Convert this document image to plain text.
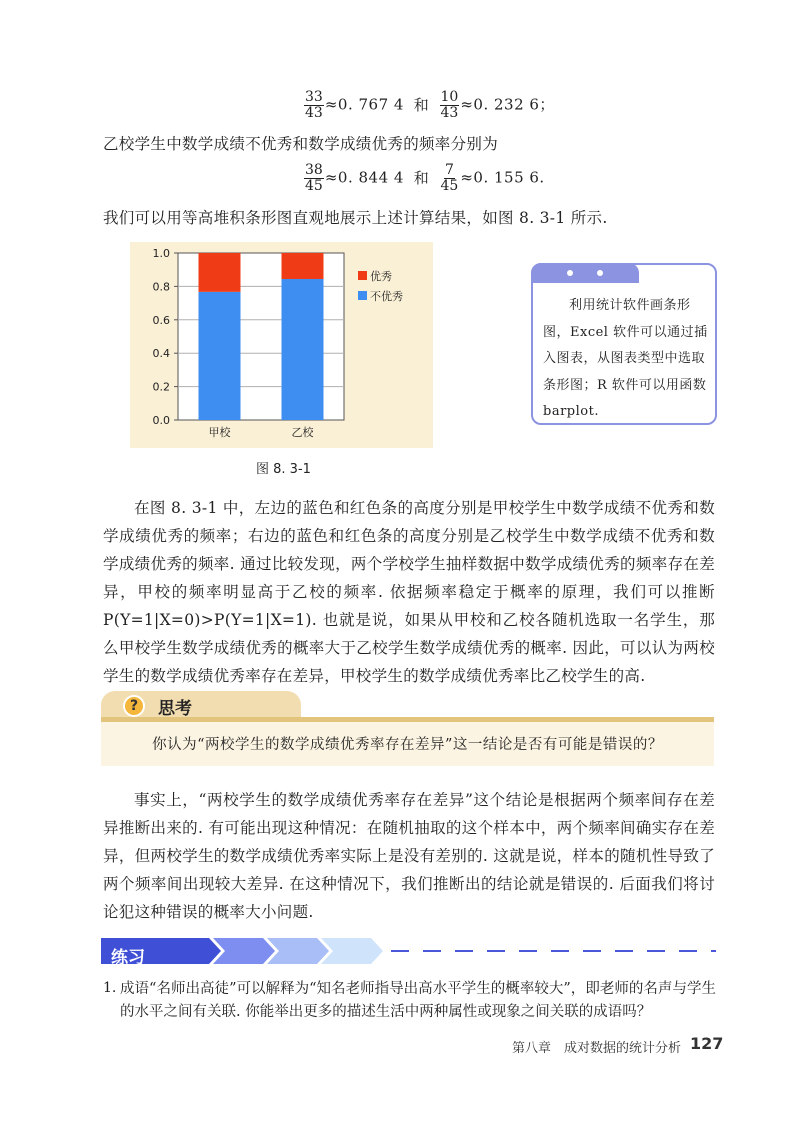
$\frac{33}{43} \approx 0$. 767 4 和 $\frac{10}{43} \approx 0$. 232 6；
乙校学生中数学成绩不优秀和数学成绩优秀的频率分别为
$\frac{38}{45} \approx 0$. 844 4 和 $\frac{7}{45} \approx 0$. 155 6.
我们可以用等高堆积条形图直观地展示上述计算结果，如图 8. 3-1 所示.
0.0
0.2
0.4
0.6
0.8
1.0
甲校	乙校
优秀
不优秀
图 8. 3-1
利用统计软件画条形图，Excel 软件可以通过插入图表，从图表类型中选取条形图；R 软件可以用函数 barplot.
在图 8. 3-1 中，左边的蓝色和红色条的高度分别是甲校学生中数学成绩不优秀和数学成绩优秀的频率；右边的蓝色和红色条的高度分别是乙校学生中数学成绩不优秀和数学成绩优秀的频率. 通过比较发现，两个学校学生抽样数据中数学成绩优秀的频率存在差异，甲校的频率明显高于乙校的频率. 依据频率稳定于概率的原理，我们可以推断 P(Y=1|X=0)>P(Y=1|X=1). 也就是说，如果从甲校和乙校各随机选取一名学生，那么甲校学生数学成绩优秀的概率大于乙校学生数学成绩优秀的概率. 因此，可以认为两校学生的数学成绩优秀率存在差异，甲校学生的数学成绩优秀率比乙校学生的高.
?	思考
你认为“两校学生的数学成绩优秀率存在差异”这一结论是否有可能是错误的？
事实上，“两校学生的数学成绩优秀率存在差异”这个结论是根据两个频率间存在差异推断出来的. 有可能出现这种情况：在随机抽取的这个样本中，两个频率间确实存在差异，但两校学生的数学成绩优秀率实际上是没有差别的. 这就是说，样本的随机性导致了两个频率间出现较大差异. 在这种情况下，我们推断出的结论就是错误的. 后面我们将讨论犯这种错误的概率大小问题.
练习
1. 成语“名师出高徒”可以解释为“知名老师指导出高水平学生的概率较大”，即老师的名声与学生的水平之间有关联. 你能举出更多的描述生活中两种属性或现象之间关联的成语吗？
第八章　成对数据的统计分析 127
